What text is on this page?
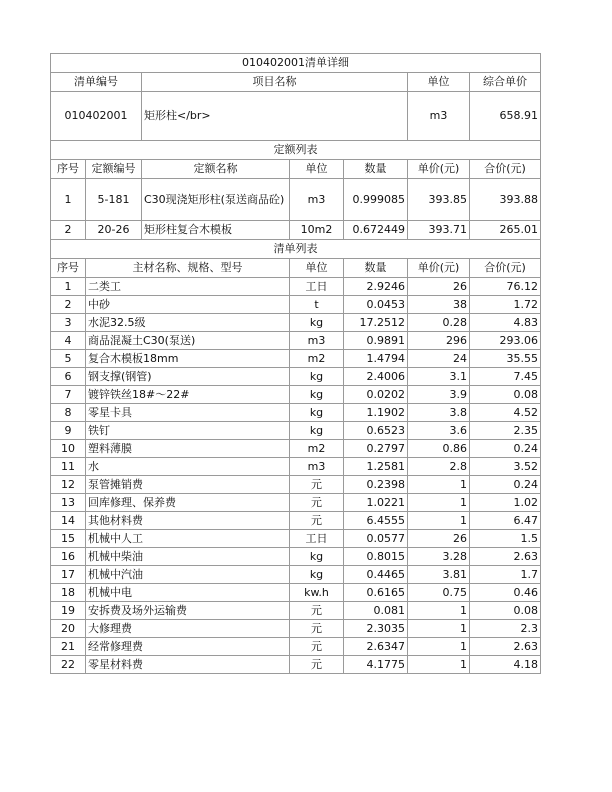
010402001清单详细						
清单编号		项目名称			单位	综合单价
010402001		矩形柱</br>			m3	658.91
定额列表						
序号	定额编号	定额名称	单位	数量	单价(元)	合价(元)
1	5-181	C30现浇矩形柱(泵送商品砼)	m3	0.999085	393.85	393.88
2	20-26	矩形柱复合木模板	10m2	0.672449	393.71	265.01
清单列表						
序号	主材名称、规格、型号		单位	数量	单价(元)	合价(元)
1	二类工		工日	2.9246	26	76.12
2	中砂		t	0.0453	38	1.72
3	水泥32.5级		kg	17.2512	0.28	4.83
4	商品混凝土C30(泵送)		m3	0.9891	296	293.06
5	复合木模板18mm		m2	1.4794	24	35.55
6	钢支撑(钢管)		kg	2.4006	3.1	7.45
7	镀锌铁丝18#～22#		kg	0.0202	3.9	0.08
8	零星卡具		kg	1.1902	3.8	4.52
9	铁钉		kg	0.6523	3.6	2.35
10	塑料薄膜		m2	0.2797	0.86	0.24
11	水		m3	1.2581	2.8	3.52
12	泵管摊销费		元	0.2398	1	0.24
13	回库修理、保养费		元	1.0221	1	1.02
14	其他材料费		元	6.4555	1	6.47
15	机械中人工		工日	0.0577	26	1.5
16	机械中柴油		kg	0.8015	3.28	2.63
17	机械中汽油		kg	0.4465	3.81	1.7
18	机械中电		kw.h	0.6165	0.75	0.46
19	安拆费及场外运输费		元	0.081	1	0.08
20	大修理费		元	2.3035	1	2.3
21	经常修理费		元	2.6347	1	2.63
22	零星材料费		元	4.1775	1	4.18
